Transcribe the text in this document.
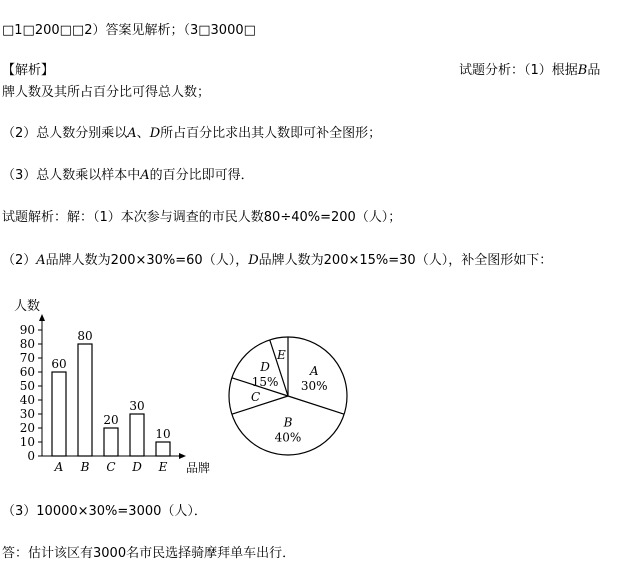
□1□200□□2）答案见解析；（3□3000□
【解析】	试题分析：（1）根据B品
牌人数及其所占百分比可得总人数；
（2）总人数分别乘以A、D所占百分比求出其人数即可补全图形；
（3）总人数乘以样本中A的百分比即可得．
试题解析：解：（1）本次参与调查的市民人数80÷40%=200（人）；
（2）A品牌人数为200×30%=60（人），D品牌人数为200×15%=30（人），补全图形如下：
人数
品牌
0
10
20
30
40
50
60
70
80
90
60
A
80
B
20
C
30
D
10
E
A
30%
B
40%
C
D
15%
E
（3）10000×30%=3000（人）．
答：估计该区有3000名市民选择骑摩拜单车出行．
